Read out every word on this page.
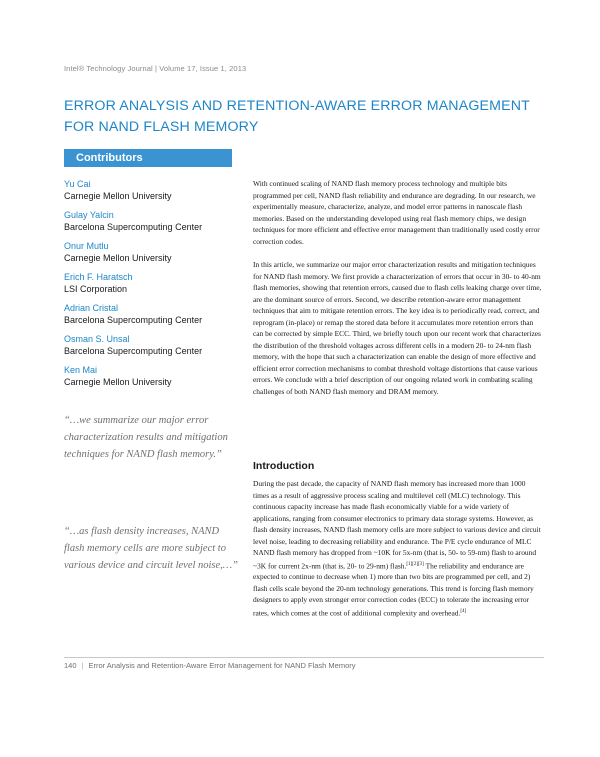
Intel® Technology Journal | Volume 17, Issue 1, 2013
ERROR ANALYSIS AND RETENTION-AWARE ERROR MANAGEMENT FOR NAND FLASH MEMORY
Contributors
Yu Cai
Carnegie Mellon University
Gulay Yalcin
Barcelona Supercomputing Center
Onur Mutlu
Carnegie Mellon University
Erich F. Haratsch
LSI Corporation
Adrian Cristal
Barcelona Supercomputing Center
Osman S. Unsal
Barcelona Supercomputing Center
Ken Mai
Carnegie Mellon University
“…we summarize our major error characterization results and mitigation techniques for NAND flash memory.”
“…as flash density increases, NAND flash memory cells are more subject to various device and circuit level noise,…”

With continued scaling of NAND flash memory process technology and multiple bits programmed per cell, NAND flash reliability and endurance are degrading. In our research, we experimentally measure, characterize, analyze, and model error patterns in nanoscale flash memories. Based on the understanding developed using real flash memory chips, we design techniques for more efficient and effective error management than traditionally used costly error correction codes.

In this article, we summarize our major error characterization results and mitigation techniques for NAND flash memory. We first provide a characterization of errors that occur in 30- to 40-nm flash memories, showing that retention errors, caused due to flash cells leaking charge over time, are the dominant source of errors. Second, we describe retention-aware error management techniques that aim to mitigate retention errors. The key idea is to periodically read, correct, and reprogram (in-place) or remap the stored data before it accumulates more retention errors than can be corrected by simple ECC. Third, we briefly touch upon our recent work that characterizes the distribution of the threshold voltages across different cells in a modern 20- to 24-nm flash memory, with the hope that such a characterization can enable the design of more effective and efficient error correction mechanisms to combat threshold voltage distortions that cause various errors. We conclude with a brief description of our ongoing related work in combating scaling challenges of both NAND flash memory and DRAM memory.

Introduction

During the past decade, the capacity of NAND flash memory has increased more than 1000 times as a result of aggressive process scaling and multilevel cell (MLC) technology. This continuous capacity increase has made flash economically viable for a wide variety of applications, ranging from consumer electronics to primary data storage systems. However, as flash density increases, NAND flash memory cells are more subject to various device and circuit level noise, leading to decreasing reliability and endurance. The P/E cycle endurance of MLC NAND flash memory has dropped from ~10K for 5x-nm (that is, 50- to 59-nm) flash to around ~3K for current 2x-nm (that is, 20- to 29-nm) flash.[1][2][3] The reliability and endurance are expected to continue to decrease when 1) more than two bits are programmed per cell, and 2) flash cells scale beyond the 20-nm technology generations. This trend is forcing flash memory designers to apply even stronger error correction codes (ECC) to tolerate the increasing error rates, which comes at the cost of additional complexity and overhead.[4]

140 | Error Analysis and Retention-Aware Error Management for NAND Flash Memory
